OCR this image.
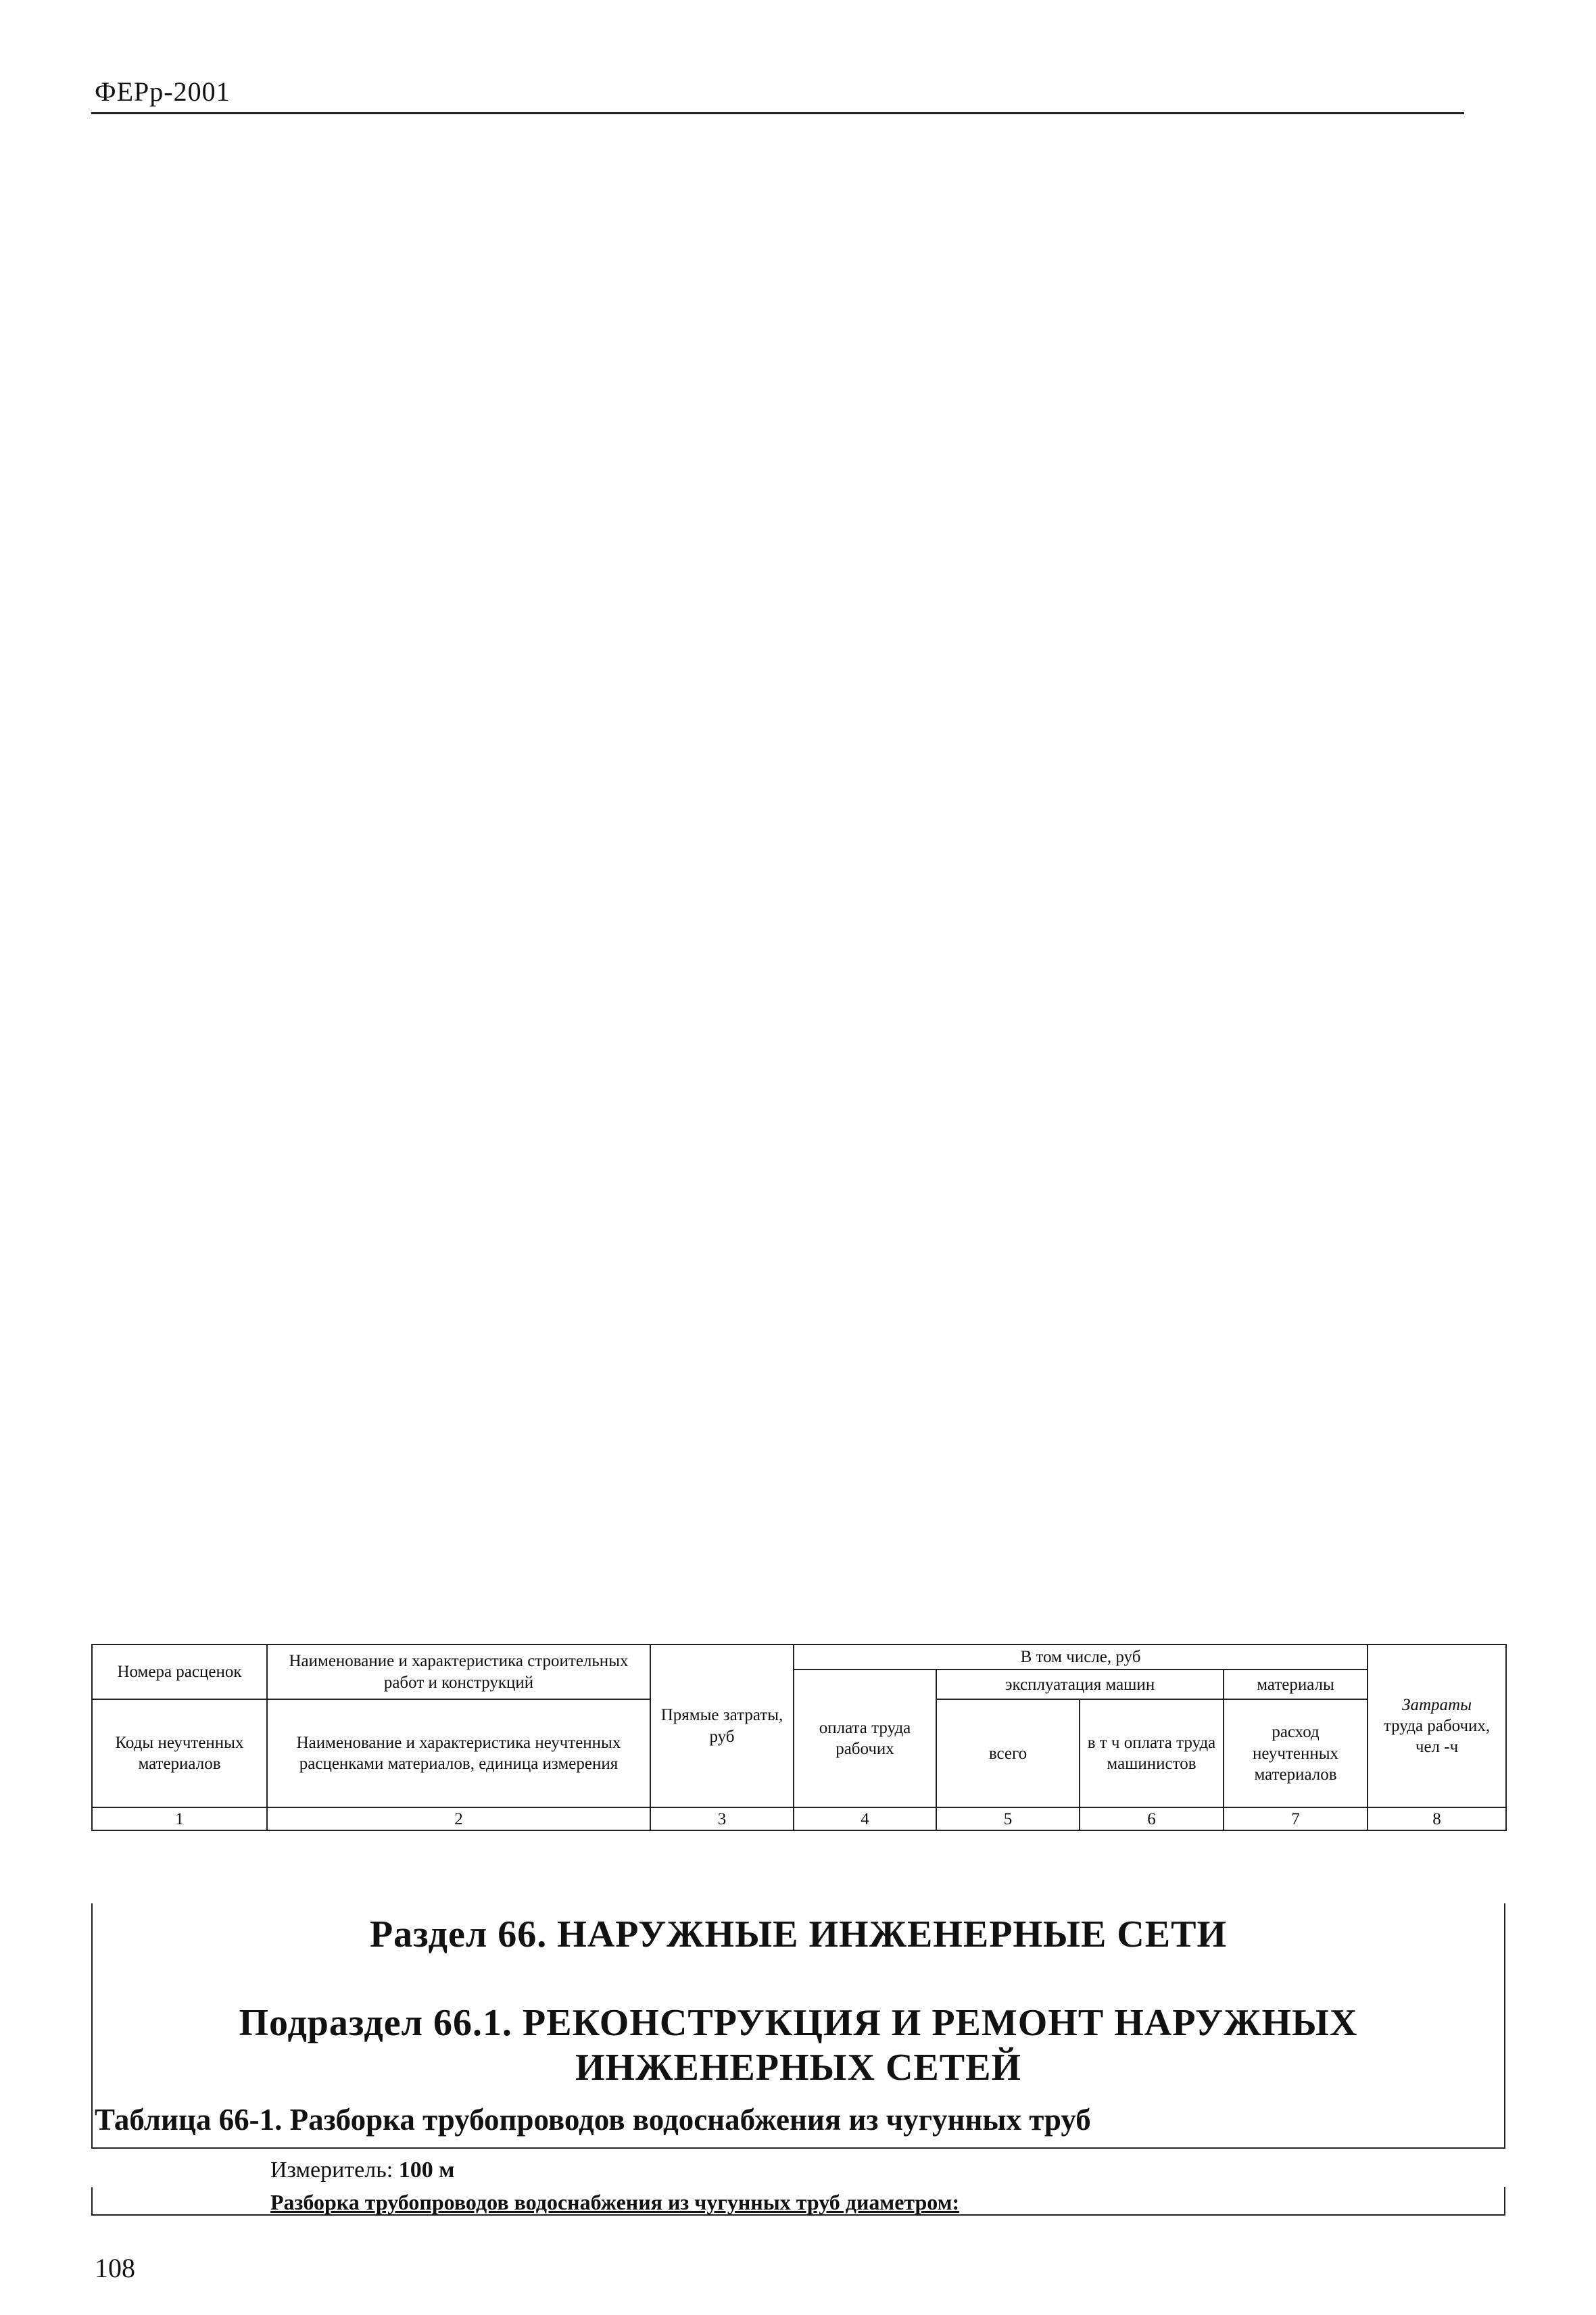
ФЕРр-2001
Номера расценок	Наименование и характеристика строительных работ и конструкций	Прямые затраты, руб	В том числе, руб				Затраты
труда рабочих, чел -ч
			оплата труда рабочих	эксплуатация машин		материалы	
Коды неучтенных материалов	Наименование и характеристика неучтенных расценками материалов, единица измерения			всего	в т ч оплата труда машинистов	расход неучтенных материалов	
1	2	3	4	5	6	7	8
Раздел 66. НАРУЖНЫЕ ИНЖЕНЕРНЫЕ СЕТИ
Подраздел 66.1. РЕКОНСТРУКЦИЯ И РЕМОНТ НАРУЖНЫХ
ИНЖЕНЕРНЫХ СЕТЕЙ
Таблица 66-1. Разборка трубопроводов водоснабжения из чугунных труб
Измеритель: 100 м
Разборка трубопроводов водоснабжения из чугунных труб диаметром:
108
